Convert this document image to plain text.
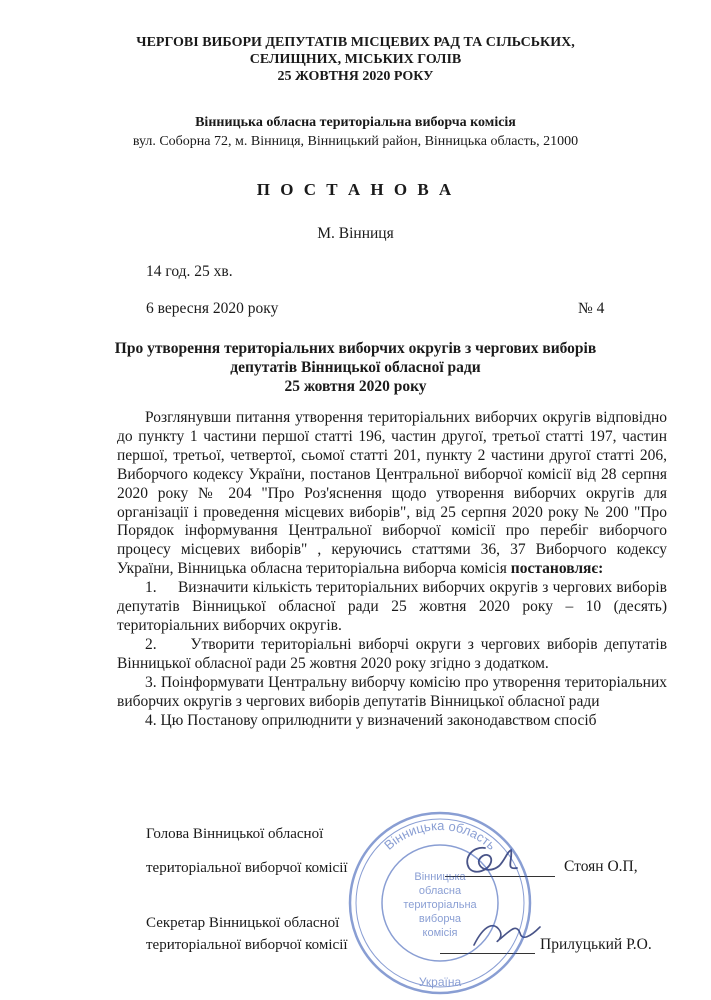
ЧЕРГОВІ ВИБОРИ ДЕПУТАТІВ МІСЦЕВИХ РАД ТА СІЛЬСЬКИХ,
СЕЛИЩНИХ, МІСЬКИХ ГОЛІВ
25 ЖОВТНЯ 2020 РОКУ
Вінницька обласна територіальна виборча комісія
вул. Соборна 72, м. Вінниця, Вінницький район, Вінницька область, 21000
П О С Т А Н О В А
М. Вінниця
14 год. 25 хв.
6 вересня 2020 року	№ 4
Про утворення територіальних виборчих округів з чергових виборів
депутатів Вінницької обласної ради
25 жовтня 2020 року

Розглянувши питання утворення територіальних виборчих округів відповідно до пункту 1 частини першої статті 196, частин другої, третьої статті 197, частин першої, третьої, четвертої, сьомої статті 201, пункту 2 частини другої статті 206, Виборчого кодексу України, постанов Центральної виборчої комісії від 28 серпня 2020 року № 204 "Про Роз'яснення щодо утворення виборчих округів для організації і проведення місцевих виборів", від 25 серпня 2020 року № 200 "Про Порядок інформування Центральної виборчої комісії про перебіг виборчого процесу місцевих виборів" , керуючись статтями 36, 37 Виборчого кодексу України, Вінницька обласна територіальна виборча комісія постановляє:

1. Визначити кількість територіальних виборчих округів з чергових виборів депутатів Вінницької обласної ради 25 жовтня 2020 року – 10 (десять) територіальних виборчих округів.

2. Утворити територіальні виборчі округи з чергових виборів депутатів Вінницької обласної ради 25 жовтня 2020 року згідно з додатком.

3. Поінформувати Центральну виборчу комісію про утворення територіальних виборчих округів з чергових виборів депутатів Вінницької обласної ради

4. Цю Постанову оприлюднити у визначений законодавством спосіб

Голова Вінницької обласної
територіальної виборчої комісії	Стоян О.П,
Секретар Вінницької обласної
територіальної виборчої комісії	Прилуцький Р.О.
Вінницька область
Україна
Вінницька
обласна
територіальна
виборча
комісія
